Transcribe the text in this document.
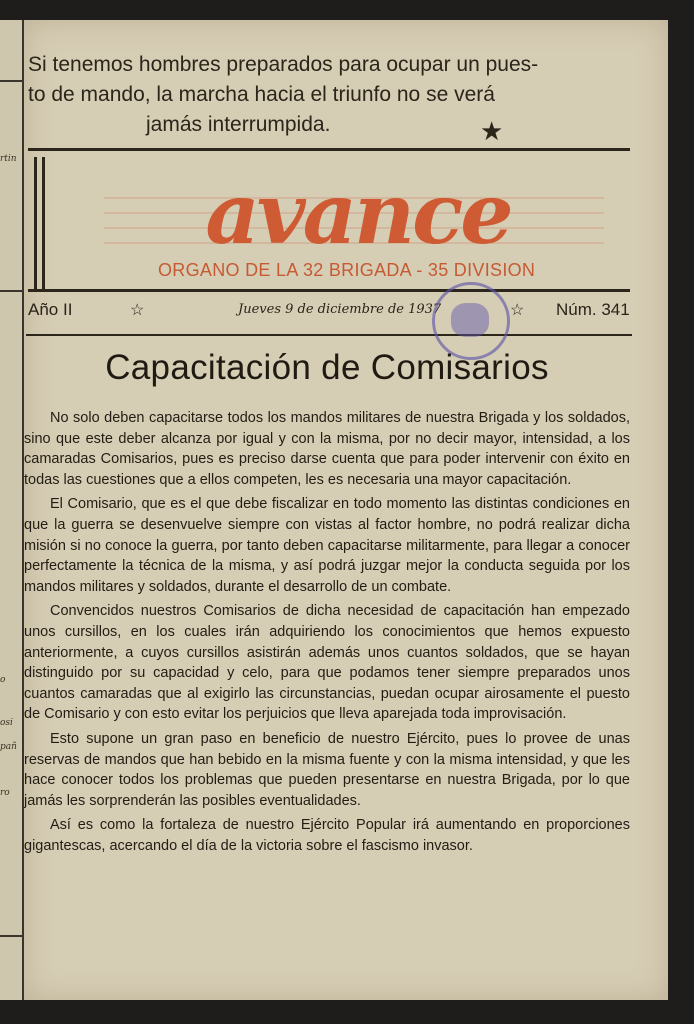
rtin
o
osi
pañ
ro
Si tenemos hombres preparados para ocupar un pues-
to de mando, la marcha hacia el triunfo no se verá
jamás interrumpida.	★
avance
ORGANO DE LA 32 BRIGADA - 35 DIVISION
Año II	☆	Jueves 9 de diciembre de 1937	☆ Núm. 341
Capacitación de Comisarios

No solo deben capacitarse todos los mandos militares de nuestra Brigada y los soldados, sino que este deber alcanza por igual y con la misma, por no decir mayor, intensidad, a los camaradas Comisarios, pues es preciso darse cuenta que para poder intervenir con éxito en todas las cuestiones que a ellos competen, les es necesaria una mayor capacitación.

El Comisario, que es el que debe fiscalizar en todo momento las distintas condiciones en que la guerra se desenvuelve siempre con vistas al factor hombre, no podrá realizar dicha misión si no conoce la guerra, por tanto deben capacitarse militarmente, para llegar a conocer perfectamente la técnica de la misma, y así podrá juzgar mejor la conducta seguida por los mandos militares y soldados, durante el desarrollo de un combate.

Convencidos nuestros Comisarios de dicha necesidad de capacitación han empezado unos cursillos, en los cuales irán adquiriendo los conocimientos que hemos expuesto anteriormente, a cuyos cursillos asistirán además unos cuantos soldados, que se hayan distinguido por su capacidad y celo, para que podamos tener siempre preparados unos cuantos camaradas que al exigirlo las circunstancias, puedan ocupar airosamente el puesto de Comisario y con esto evitar los perjuicios que lleva aparejada toda improvisación.

Esto supone un gran paso en beneficio de nuestro Ejército, pues lo provee de unas reservas de mandos que han bebido en la misma fuente y con la misma intensidad, y que les hace conocer todos los problemas que pueden presentarse en nuestra Brigada, por lo que jamás les sorprenderán las posibles eventualidades.

Así es como la fortaleza de nuestro Ejército Popular irá aumentando en proporciones gigantescas, acercando el día de la victoria sobre el fascismo invasor.
